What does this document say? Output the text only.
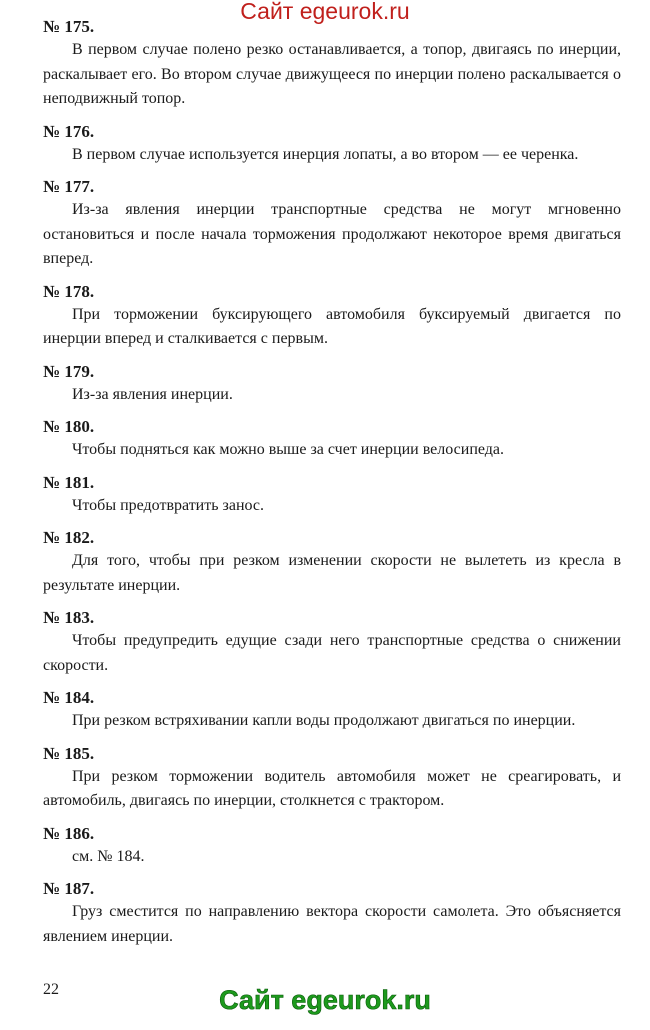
Сайт egeurok.ru
№ 175.

В первом случае полено резко останавливается, а топор, двигаясь по инерции, раскалывает его. Во втором случае движущееся по инерции полено раскалывается о неподвижный топор.

№ 176.

В первом случае используется инерция лопаты, а во втором — ее черенка.

№ 177.

Из-за явления инерции транспортные средства не могут мгновенно остановиться и после начала торможения продолжают некоторое время двигаться вперед.

№ 178.

При торможении буксирующего автомобиля буксируемый двигается по инерции вперед и сталкивается с первым.

№ 179.

Из-за явления инерции.

№ 180.

Чтобы подняться как можно выше за счет инерции велосипеда.

№ 181.

Чтобы предотвратить занос.

№ 182.

Для того, чтобы при резком изменении скорости не вылететь из кресла в результате инерции.

№ 183.

Чтобы предупредить едущие сзади него транспортные средства о снижении скорости.

№ 184.

При резком встряхивании капли воды продолжают двигаться по инерции.

№ 185.

При резком торможении водитель автомобиля может не среагировать, и автомобиль, двигаясь по инерции, столкнется с трактором.

№ 186.

см. № 184.

№ 187.

Груз сместится по направлению вектора скорости самолета. Это объясняется явлением инерции.

22	Сайт egeurok.ru
